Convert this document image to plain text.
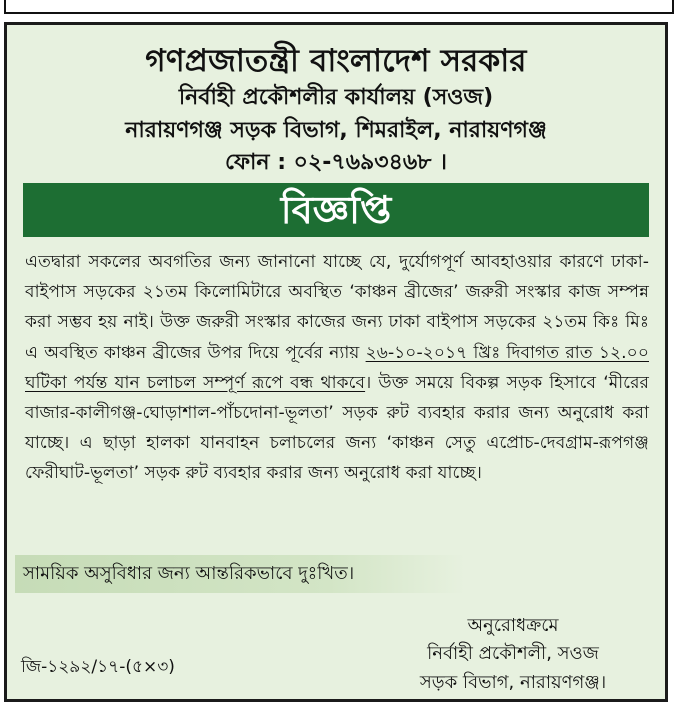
গণপ্রজাতন্ত্রী বাংলাদেশ সরকার
নির্বাহী প্রকৌশলীর কার্যালয় (সওজ)
নারায়ণগঞ্জ সড়ক বিভাগ, শিমরাইল, নারায়ণগঞ্জ
ফোন : ০২-৭৬৯৩৪৬৮ ।
বিজ্ঞপ্তি

এতদ্বারা সকলের অবগতির জন্য জানানো যাচ্ছে যে, দুর্যোগপূর্ণ আবহাওয়ার কারণে ঢাকা-বাইপাস সড়কের ২১তম কিলোমিটারে অবস্থিত ‘কাঞ্চন ব্রীজের’ জরুরী সংস্কার কাজ সম্পন্ন করা সম্ভব হয় নাই। উক্ত জরুরী সংস্কার কাজের জন্য ঢাকা বাইপাস সড়কের ২১তম কিঃ মিঃ এ অবস্থিত কাঞ্চন ব্রীজের উপর দিয়ে পূর্বের ন্যায় ২৬-১০-২০১৭ খ্রিঃ দিবাগত রাত ১২.০০ ঘটিকা পর্যন্ত যান চলাচল সম্পূর্ণ রূপে বন্ধ থাকবে। উক্ত সময়ে বিকল্প সড়ক হিসাবে ‘মীরের বাজার-কালীগঞ্জ-ঘোড়াশাল-পাঁচদোনা-ভূলতা’ সড়ক রুট ব্যবহার করার জন্য অনুরোধ করা যাচ্ছে। এ ছাড়া হালকা যানবাহন চলাচলের জন্য ‘কাঞ্চন সেতু এপ্রোচ-দেবগ্রাম-রূপগঞ্জ ফেরীঘাট-ভূলতা’ সড়ক রুট ব্যবহার করার জন্য অনুরোধ করা যাচ্ছে।

সাময়িক অসুবিধার জন্য আন্তরিকভাবে দুঃখিত।
অনুরোধক্রমে
নির্বাহী প্রকৌশলী, সওজ
সড়ক বিভাগ, নারায়ণগঞ্জ।
জি-১২৯২/১৭-(৫×৩)
